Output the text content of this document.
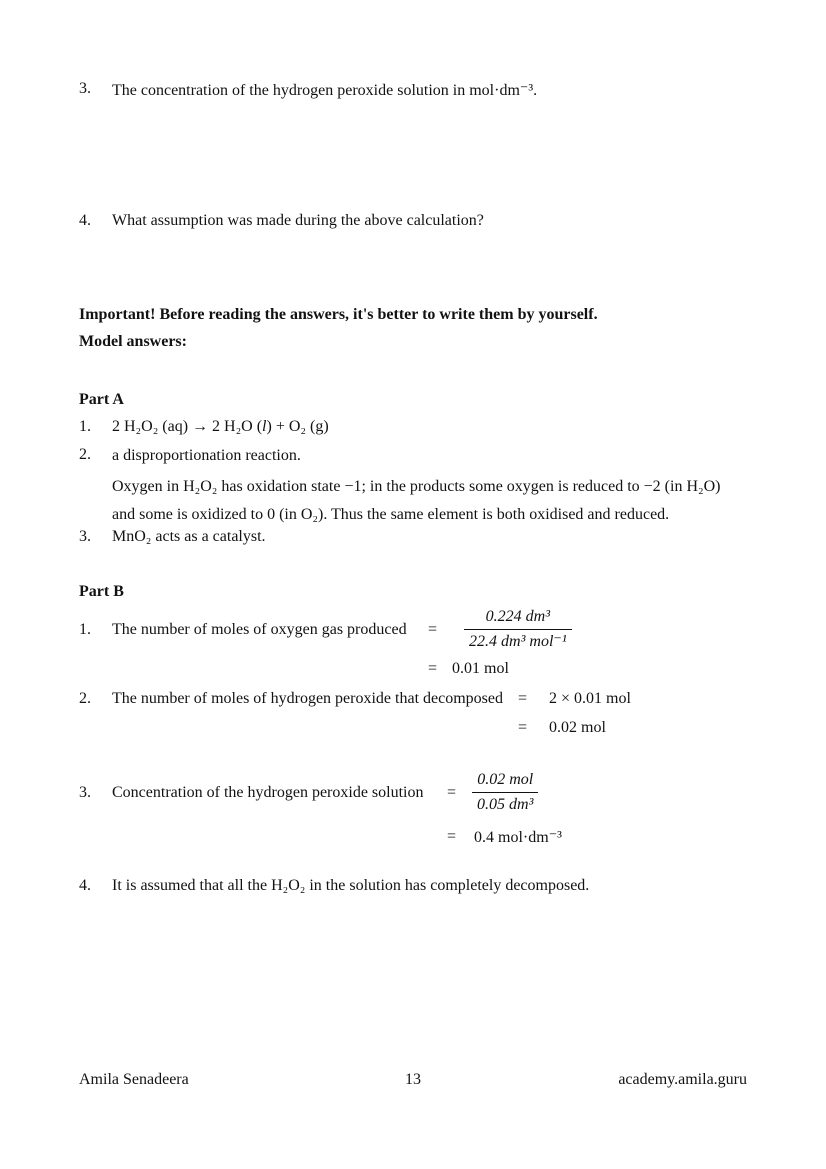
3.	The concentration of the hydrogen peroxide solution in mol·dm⁻³.
4.	What assumption was made during the above calculation?
Important! Before reading the answers, it's better to write them by yourself.
Model answers:
Part A
1.	2 H₂O₂ (aq) → 2 H₂O (l) + O₂ (g)
2.	a disproportionation reaction.
Oxygen in H₂O₂ has oxidation state −1; in the products some oxygen is reduced to −2 (in H₂O)
and some is oxidized to 0 (in O₂). Thus the same element is both oxidised and reduced.
3.	MnO₂ acts as a catalyst.
Part B
1.	The number of moles of oxygen gas produced	= $\frac{\text{0.224 dm³}}{\text{22.4 dm³ mol⁻¹}}$
= 0.01 mol
2.	The number of moles of hydrogen peroxide that decomposed = 2 × 0.01 mol
= 0.02 mol
3.	Concentration of the hydrogen peroxide solution	= $\frac{\text{0.02 mol}}{\text{0.05 dm³}}$
= 0.4 mol·dm⁻³
4.	It is assumed that all the H₂O₂ in the solution has completely decomposed.
Amila Senadeera	13	academy.amila.guru
